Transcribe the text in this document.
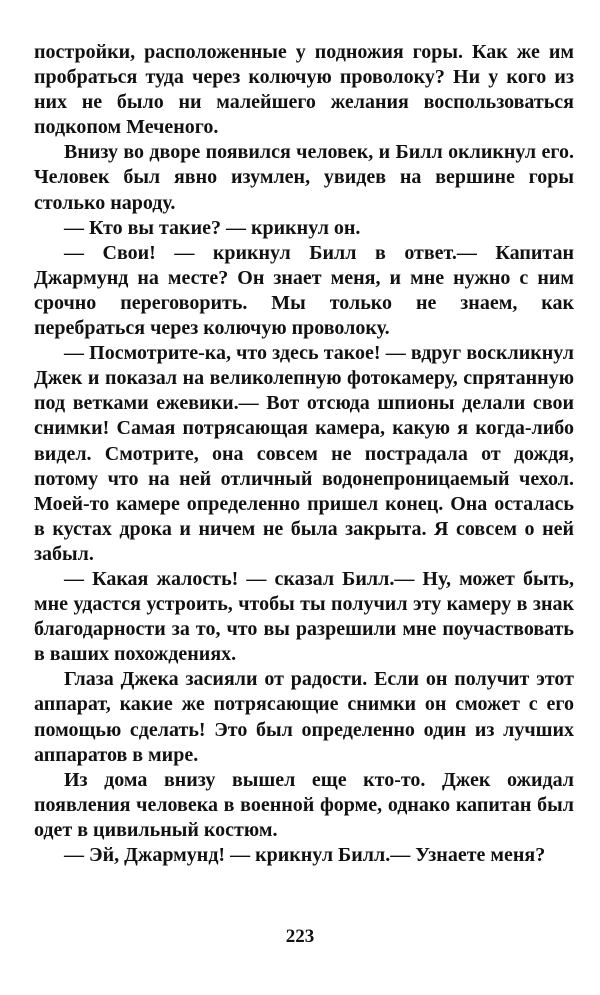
постройки, расположенные у подножия горы. Как же им пробраться туда через колючую проволоку? Ни у кого из них не было ни малейшего желания воспользоваться подкопом Меченого.

Внизу во дворе появился человек, и Билл окликнул его. Человек был явно изумлен, увидев на вершине горы столько народу.

— Кто вы такие? — крикнул он.

— Свои! — крикнул Билл в ответ.— Капитан Джармунд на месте? Он знает меня, и мне нужно с ним срочно переговорить. Мы только не знаем, как перебраться через колючую проволоку.

— Посмотрите-ка, что здесь такое! — вдруг воскликнул Джек и показал на великолепную фотокамеру, спрятанную под ветками ежевики.— Вот отсюда шпионы делали свои снимки! Самая потрясающая камера, какую я когда-либо видел. Смотрите, она совсем не пострадала от дождя, потому что на ней отличный водонепроницаемый чехол. Моей-то камере определенно пришел конец. Она осталась в кустах дрока и ничем не была закрыта. Я совсем о ней забыл.

— Какая жалость! — сказал Билл.— Ну, может быть, мне удастся устроить, чтобы ты получил эту камеру в знак благодарности за то, что вы разрешили мне поучаствовать в ваших похождениях.

Глаза Джека засияли от радости. Если он получит этот аппарат, какие же потрясающие снимки он сможет с его помощью сделать! Это был определенно один из лучших аппаратов в мире.

Из дома внизу вышел еще кто-то. Джек ожидал появления человека в военной форме, однако капитан был одет в цивильный костюм.

— Эй, Джармунд! — крикнул Билл.— Узнаете меня?

223
